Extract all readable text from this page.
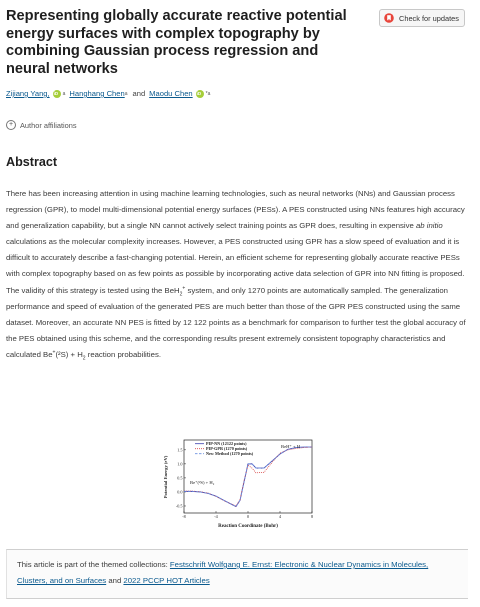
Representing globally accurate reactive potential energy surfaces with complex topography by combining Gaussian process regression and neural networks
Check for updates
Zijiang Yang, iD	a Hanghang Chen a and Maodu Chen iD	*a
+ Author affiliations
Abstract

There has been increasing attention in using machine learning technologies, such as neural networks (NNs) and Gaussian process regression (GPR), to model multi-dimensional potential energy surfaces (PESs). A PES constructed using NNs features high accuracy and generalization capability, but a single NN cannot actively select training points as GPR does, resulting in expensive ab initio calculations as the molecular complexity increases. However, a PES constructed using GPR has a slow speed of evaluation and it is difficult to accurately describe a fast-changing potential. Herein, an efficient scheme for representing globally accurate reactive PESs with complex topography based on as few points as possible by incorporating active data selection of GPR into NN fitting is proposed. The validity of this strategy is tested using the BeH$_2$+ system, and only 1270 points are automatically sampled. The generalization performance and speed of evaluation of the generated PES are much better than those of the GPR PES constructed using the same dataset. Moreover, an accurate NN PES is fitted by 12 122 points as a benchmark for comparison to further test the global accuracy of the PES obtained using this scheme, and the corresponding results present extremely consistent topography characteristics and calculated $Be^+(^2S) + H_2$ reaction probabilities.

1.5
1.0
0.5
0.0
-0.5
-8	-4	0	4	8
PIP-NN (12122 points)
PIP-GPR (1270 points)
New Method (1270 points)
Be⁺(²S) + H₂
BeH⁺ + H
Reaction Coordinate (Bohr)
Potential Energy (eV)
This article is part of the themed collections: Festschrift Wolfgang E. Ernst: Electronic & Nuclear Dynamics in Molecules, Clusters, and on Surfaces and 2022 PCCP HOT Articles
